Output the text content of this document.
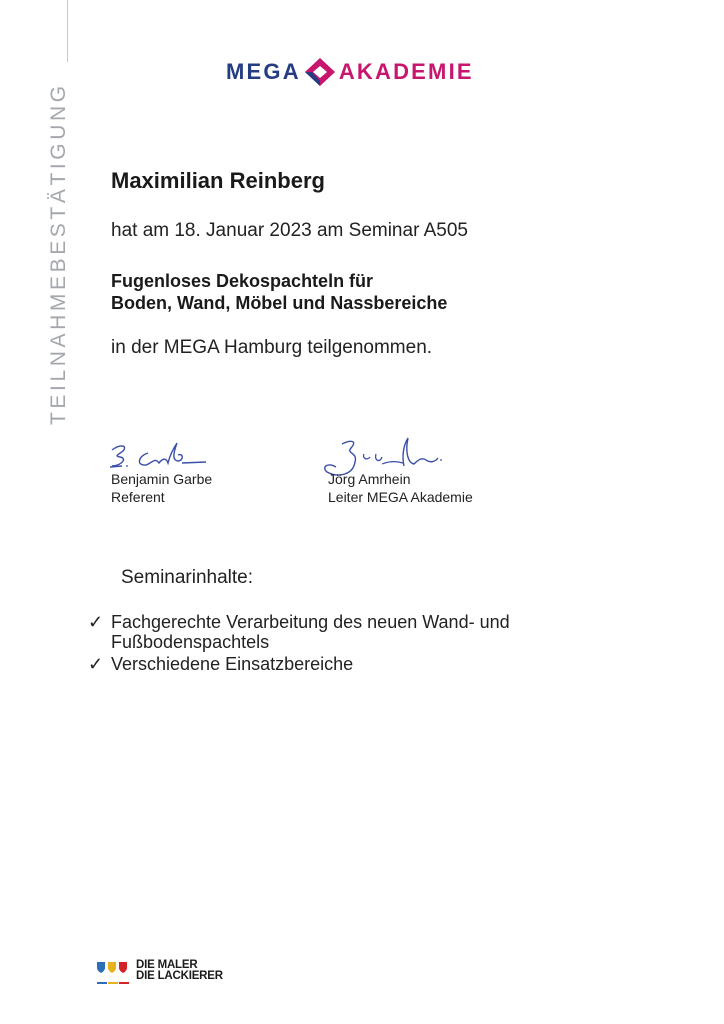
TEILNAHMEBESTÄTIGUNG
MEGA AKADEMIE
Maximilian Reinberg
hat am 18. Januar 2023 am Seminar A505
Fugenloses Dekospachteln für
Boden, Wand, Möbel und Nassbereiche
in der MEGA Hamburg teilgenommen.
Benjamin Garbe
Referent
Jörg Amrhein
Leiter MEGA Akademie
Seminarinhalte:
✓ Fachgerechte Verarbeitung des neuen Wand- und Fußbodenspachtels
✓ Verschiedene Einsatzbereiche
DIE MALER
DIE LACKIERER
